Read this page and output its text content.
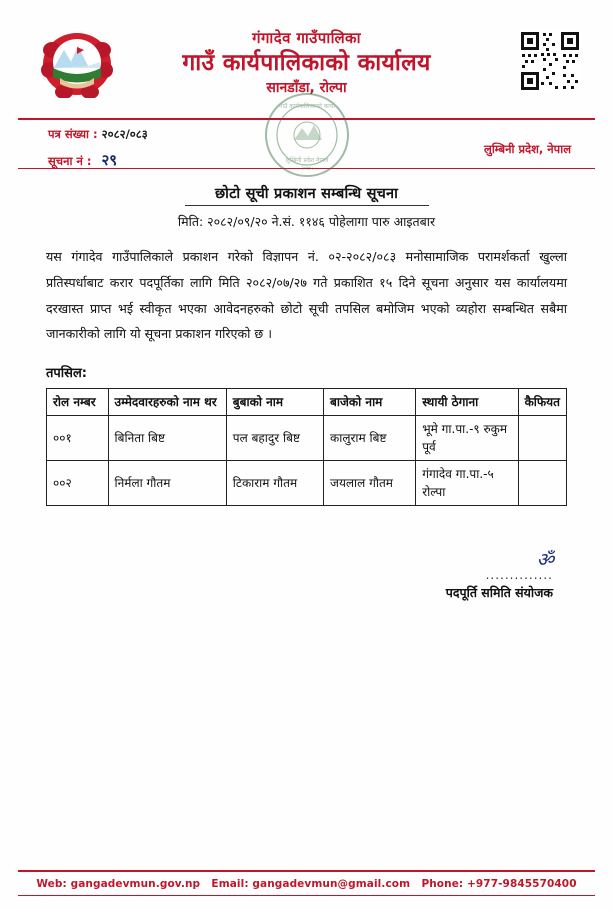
गंगादेव गाउँपालिका
गाउँ कार्यपालिकाको कार्यालय
सानडाँडा, रोल्पा
गाउँ कार्यपालिकाको कार्या
लुम्बिनी प्रदेश नेपाल
२०७५
पत्र संख्या : २०८२/०८३
सूचना नं : २९
लुम्बिनी प्रदेश, नेपाल
छोटो सूची प्रकाशन सम्बन्धि सूचना
मिति: २०८२/०९/२० ने.सं. ११४६ पोहेलागा पारु आइतबार
यस गंगादेव गाउँपालिकाले प्रकाशन गरेको विज्ञापन नं. ०२-२०८२/०८३ मनोसामाजिक परामर्शकर्ता खुल्ला प्रतिस्पर्धाबाट करार पदपूर्तिका लागि मिति २०८२/०७/२७ गते प्रकाशित १५ दिने सूचना अनुसार यस कार्यालयमा दरखास्त प्राप्त भई स्वीकृत भएका आवेदनहरुको छोटो सूची तपसिल बमोजिम भएको व्यहोरा सम्बन्धित सबैमा जानकारीको लागि यो सूचना प्रकाशन गरिएको छ ।
तपसिल:
रोल नम्बर	उम्मेदवारहरुको नाम थर	बुबाको नाम	बाजेको नाम	स्थायी ठेगाना	कैफियत
००१	बिनिता बिष्ट	पल बहादुर बिष्ट	कालुराम बिष्ट	भूमे गा.पा.-९ रुकुम पूर्व	
००२	निर्मला गौतम	टिकाराम गौतम	जयलाल गौतम	गंगादेव गा.पा.-५ रोल्पा	
ॐ
..............
पदपूर्ति समिति संयोजक
Web: gangadevmun.gov.np Email: gangadevmun@gmail.com Phone: +977-9845570400
